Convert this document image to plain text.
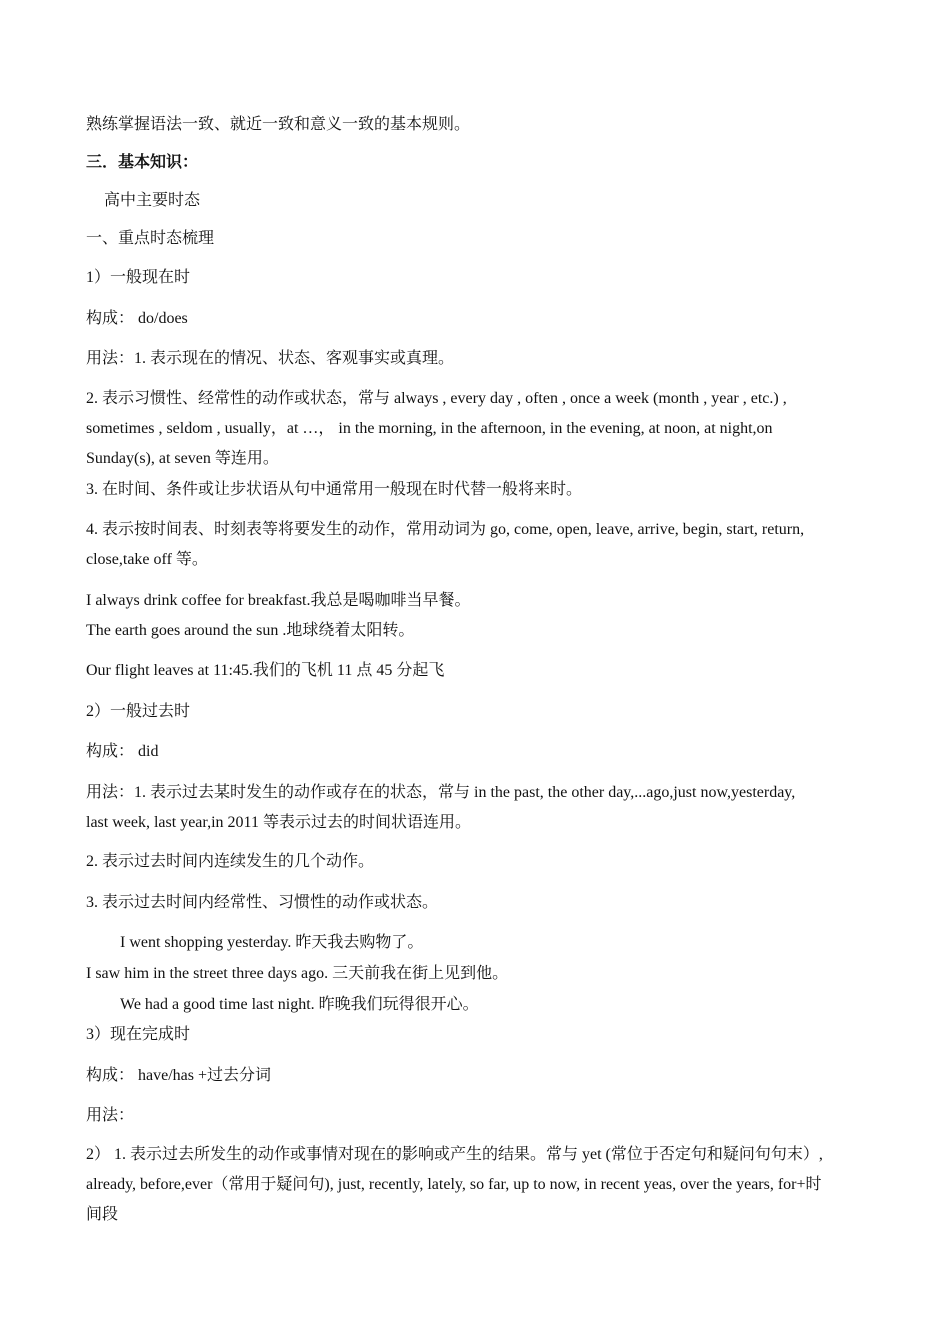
熟练掌握语法一致、就近一致和意义一致的基本规则。
三．基本知识：
高中主要时态
一、重点时态梳理
1）一般现在时
构成： do/does
用法：1. 表示现在的情况、状态、客观事实或真理。
2. 表示习惯性、经常性的动作或状态，常与 always , every day , often , once a week (month , year , etc.) ,
sometimes , seldom , usually，at …， in the morning, in the afternoon, in the evening, at noon, at night,on
Sunday(s), at seven 等连用。
3. 在时间、条件或让步状语从句中通常用一般现在时代替一般将来时。
4. 表示按时间表、时刻表等将要发生的动作，常用动词为 go, come, open, leave, arrive, begin, start, return,
close,take off 等。
I always drink coffee for breakfast.我总是喝咖啡当早餐。
The earth goes around the sun .地球绕着太阳转。
Our flight leaves at 11:45.我们的飞机 11 点 45 分起飞
2）一般过去时
构成： did
用法：1. 表示过去某时发生的动作或存在的状态，常与 in the past, the other day,...ago,just now,yesterday,
last week, last year,in 2011 等表示过去的时间状语连用。
2. 表示过去时间内连续发生的几个动作。
3. 表示过去时间内经常性、习惯性的动作或状态。
I went shopping yesterday. 昨天我去购物了。
I saw him in the street three days ago. 三天前我在街上见到他。
We had a good time last night. 昨晚我们玩得很开心。
3）现在完成时
构成： have/has +过去分词
用法：
2） 1. 表示过去所发生的动作或事情对现在的影响或产生的结果。常与 yet (常位于否定句和疑问句句末）,
already, before,ever（常用于疑问句), just, recently, lately, so far, up to now, in recent yeas, over the years, for+时
间段
